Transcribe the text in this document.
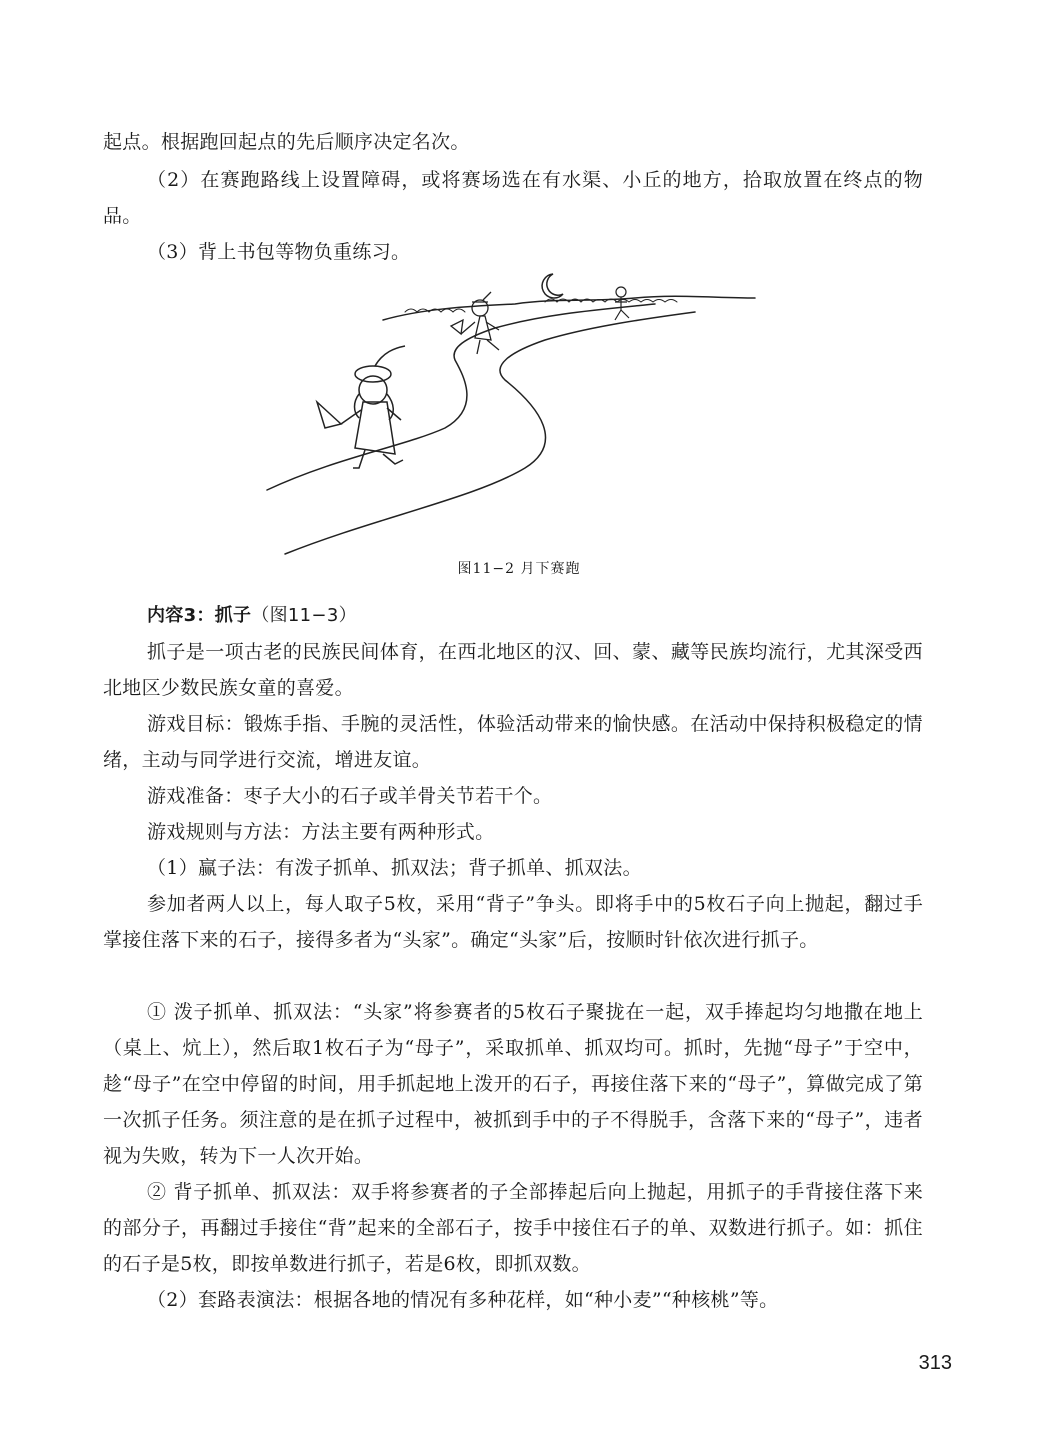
起点。根据跑回起点的先后顺序决定名次。

（2）在赛跑路线上设置障碍，或将赛场选在有水渠、小丘的地方，拾取放置在终点的物品。

（3）背上书包等物负重练习。

图11−2 月下赛跑

内容3：抓子（图11−3）

抓子是一项古老的民族民间体育，在西北地区的汉、回、蒙、藏等民族均流行，尤其深受西北地区少数民族女童的喜爱。

游戏目标：锻炼手指、手腕的灵活性，体验活动带来的愉快感。在活动中保持积极稳定的情绪，主动与同学进行交流，增进友谊。

游戏准备：枣子大小的石子或羊骨关节若干个。

游戏规则与方法：方法主要有两种形式。

（1）赢子法：有泼子抓单、抓双法；背子抓单、抓双法。

参加者两人以上，每人取子5枚，采用“背子”争头。即将手中的5枚石子向上抛起，翻过手掌接住落下来的石子，接得多者为“头家”。确定“头家”后，按顺时针依次进行抓子。

① 泼子抓单、抓双法：“头家”将参赛者的5枚石子聚拢在一起，双手捧起均匀地撒在地上（桌上、炕上），然后取1枚石子为“母子”，采取抓单、抓双均可。抓时，先抛“母子”于空中，趁“母子”在空中停留的时间，用手抓起地上泼开的石子，再接住落下来的“母子”，算做完成了第一次抓子任务。须注意的是在抓子过程中，被抓到手中的子不得脱手，含落下来的“母子”，违者视为失败，转为下一人次开始。

② 背子抓单、抓双法：双手将参赛者的子全部捧起后向上抛起，用抓子的手背接住落下来的部分子，再翻过手接住“背”起来的全部石子，按手中接住石子的单、双数进行抓子。如：抓住的石子是5枚，即按单数进行抓子，若是6枚，即抓双数。

（2）套路表演法：根据各地的情况有多种花样，如“种小麦”“种核桃”等。

313
